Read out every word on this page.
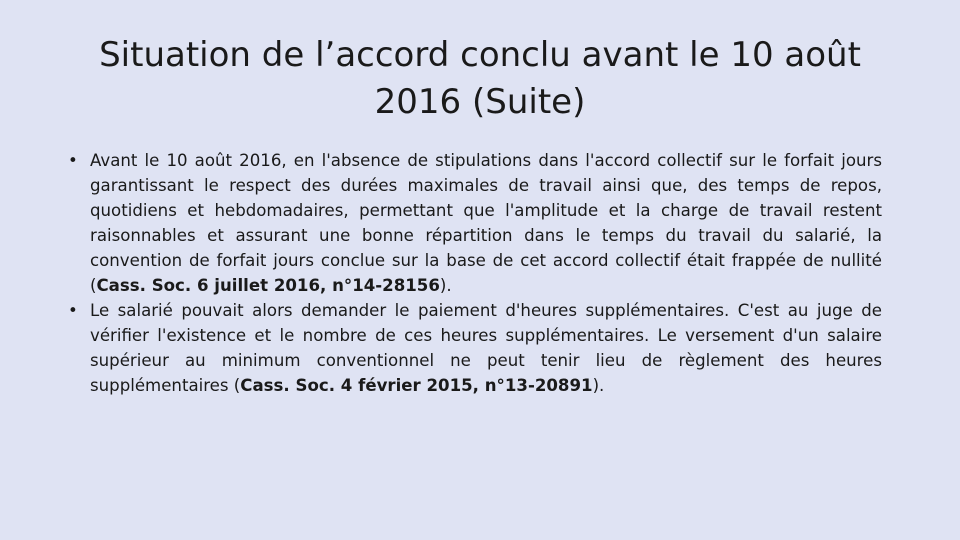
Situation de l’accord conclu avant le 10 août 2016 (Suite)
• Avant le 10 août 2016, en l'absence de stipulations dans l'accord collectif sur le forfait jours garantissant le respect des durées maximales de travail ainsi que, des temps de repos, quotidiens et hebdomadaires, permettant que l'amplitude et la charge de travail restent raisonnables et assurant une bonne répartition dans le temps du travail du salarié, la convention de forfait jours conclue sur la base de cet accord collectif était frappée de nullité (Cass. Soc. 6 juillet 2016, n°14-28156).
• Le salarié pouvait alors demander le paiement d'heures supplémentaires. C'est au juge de vérifier l'existence et le nombre de ces heures supplémentaires. Le versement d'un salaire supérieur au minimum conventionnel ne peut tenir lieu de règlement des heures supplémentaires (Cass. Soc. 4 février 2015, n°13-20891).
